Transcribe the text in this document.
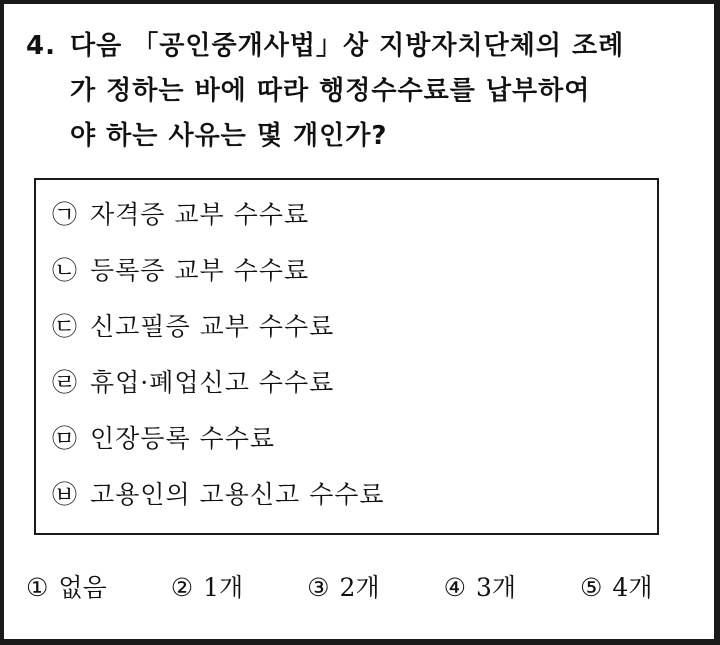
4. 다음 「공인중개사법」상 지방자치단체의 조례
가 정하는 바에 따라 행정수수료를 납부하여
야 하는 사유는 몇 개인가?
㉠ 자격증 교부 수수료
㉡ 등록증 교부 수수료
㉢ 신고필증 교부 수수료
㉣ 휴업·폐업신고 수수료
㉤ 인장등록 수수료
㉥ 고용인의 고용신고 수수료
① 없음	② 1개	③ 2개	④ 3개	⑤ 4개
